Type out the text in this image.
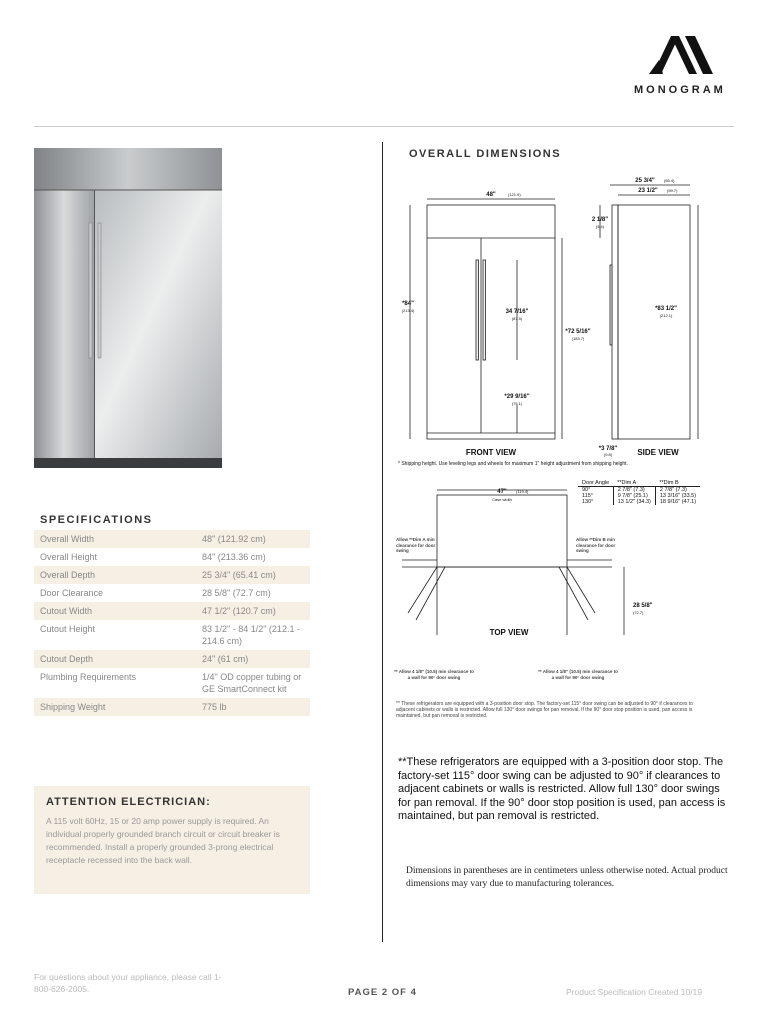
MONOGRAM
SPECIFICATIONS
Overall Width	48" (121.92 cm)
Overall Height	84" (213.36 cm)
Overall Depth	25 3/4" (65.41 cm)
Door Clearance	28 5/8" (72.7 cm)
Cutout Width	47 1/2" (120.7 cm)
Cutout Height	83 1/2" - 84 1/2" (212.1 - 214.6 cm)
Cutout Depth	24" (61 cm)
Plumbing Requirements	1/4" OD copper tubing or GE SmartConnect kit
Shipping Weight	775 lb
ATTENTION ELECTRICIAN:
A 115 volt 60Hz, 15 or 20 amp power supply is required. An individual properly grounded branch circuit or circuit breaker is recommended. Install a properly grounded 3-prong electrical receptacle recessed into the back wall.
OVERALL DIMENSIONS
48"	(121.9)
*84"
(213.4)	34 7/16"
(87.5)
*72 5/16"
(183.7)
*29 9/16"
(75.1)
FRONT VIEW
25 3/4" (65.4)
23 1/2" (59.7)
2 1/8"
(5.4)
*83 1/2"
(212.1)
*3 7/8"
(9.8)	SIDE VIEW
* Shipping height. Use leveling legs and wheels for maximum 1" height adjustment from shipping height.
47" (119.4)
Case width
Allow **Dim A min clearance for door swing
Allow **Dim B min clearance for door swing
28 5/8"
(72.7)
TOP VIEW
** Allow 4 1/8" (10.5) min clearance to a wall for 90° door swing
** Allow 4 1/8" (10.5) min clearance to a wall for 90° door swing
Door Angle	**Dim A	**Dim B
90°	2 7/8" (7.3)	2 7/8" (7.3)
115°	9 7/8" (25.1)	13 3/16" (33.5)
130°	13 1/2" (34.3)	18 9/16" (47.1)
** These refrigerators are equipped with a 3-position door stop. The factory-set 115° door swing can be adjusted to 90° if clearances to adjacent cabinets or walls is restricted. Allow full 130° door swings for pan removal. If the 90° door stop position is used, pan access is maintained, but pan removal is restricted.
**These refrigerators are equipped with a 3-position door stop. The factory-set 115° door swing can be adjusted to 90° if clearances to adjacent cabinets or walls is restricted. Allow full 130° door swings for pan removal. If the 90° door stop position is used, pan access is maintained, but pan removal is restricted.
Dimensions in parentheses are in centimeters unless otherwise noted. Actual product dimensions may vary due to manufacturing tolerances.
For questions about your appliance, please call 1-800-626-2005.	PAGE 2 OF 4	Product Specification Created 10/19
